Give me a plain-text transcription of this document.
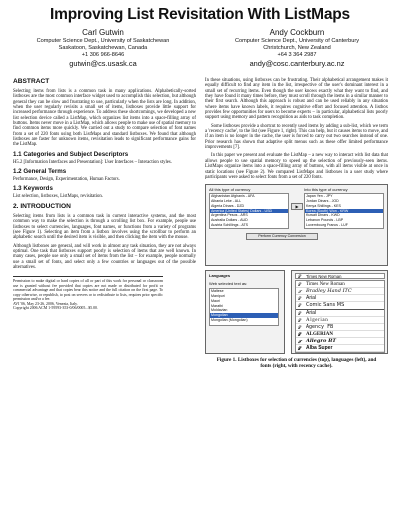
Improving List Revisitation With ListMaps
Carl Gutwin
Computer Science Dept., University of Saskatchewan
Saskatoon, Saskatchewan, Canada
+1 306 966-8646
gutwin@cs.usask.ca
Andy Cockburn
Computer Science Dept., University of Canterbury
Christchurch, New Zealand
+64 3 364 2987
andy@cosc.canterbury.ac.nz
ABSTRACT

Selecting items from lists is a common task in many applications. Alphabetically-sorted listboxes are the most common interface widget used to accomplish this selection, but although general they can be slow and frustrating to use, particularly when the lists are long. In addition, when the user regularly revisits a small set of items, listboxes provide little support for increased performance through experience. To address these shortcomings, we developed a new list selection device called a ListMap, which organizes list items into a space-filling array of buttons. Items never move in a ListMap, which allows people to make use of spatial memory to find common items more quickly. We carried out a study to compare selection of font names from a set of 220 fonts using both ListMaps and standard listboxes. We found that although listboxes are faster for unknown items, revisitation leads to significant performance gains for the ListMap.

1.1 Categories and Subject Descriptors

H5.2 [Information Interfaces and Presentation]: User Interfaces – Interaction styles.

1.2 General Terms

Performance, Design, Experimentation, Human Factors.

1.3 Keywords

List selection, listboxes, ListMaps, revisitation.

2. INTRODUCTION

Selecting items from lists is a common task in current interactive systems, and the most common way to make the selection is through a scrolling list box. For example, people use listboxes to select currencies, languages, font names, or functions from a variety of programs (see Figure 1). Selecting an item from a listbox involves using the scrollbar to perform an alphabetic search until the desired item is visible, and then clicking the item with the mouse.

Although listboxes are general, and will work in almost any task situation, they are not always optimal. One task that listboxes support poorly is selection of items that are well known. In many cases, people use only a small set of items from the list – for example, people normally use a small set of fonts, and select only a few countries or languages out of the possible alternatives.

Permission to make digital or hard copies of all or part of this work for personal or classroom use is granted without fee provided that copies are not made or distributed for profit or commercial advantage and that copies bear this notice and the full citation on the first page. To copy otherwise, or republish, to post on servers or to redistribute to lists, requires prior specific permission and/or a fee.
AVI '06, May 23-26, 2006, Venezia, Italy.
Copyright 2006 ACM 1-59593-353-0/06/0005...$5.00.

In these situations, using listboxes can be frustrating. Their alphabetical arrangement makes it equally difficult to find any item in the list, irrespective of the user's dominant interest in a small set of recurring items. Even though the user knows exactly what they want to find, and they have found it many times before, they must scroll through the items in a similar manner to their first search. Although this approach is robust and can be used reliably in any situation where items have known labels, it requires cognitive effort and focused attention. A listbox provides few opportunities for users to become experts – in particular, alphabetical lists poorly support using memory and pattern recognition as aids to task completion.

Some listboxes provide a shortcut to recently used items by adding a sub-list, which we term a 'recency cache', to the list (see Figure 1, right). This can help, but it causes items to move, and if an item is no longer in the cache, the user is forced to carry out two searches instead of one. Prior research has shown that adaptive split menus such as these offer limited performance improvements [7].

In this paper we present and evaluate the ListMap – a new way to interact with list data that allows people to use spatial memory to speed up the selection of previously-seen items. ListMaps organize items into a space-filling array of buttons, with all items visible at once in static locations (see Figure 2). We compared ListMaps and listboxes in a user study where participants were asked to select fonts from a set of 220 fonts.

All this type of currency	Into this type of currency
Afghanistan Afghanis - AFA
Albania Leke - ALL
Algeria Dinars - DZD
America (United States) Dollars - USD
Argentina Pesos - ARS
Australia Dollars - AUD
Austria Schillings - ATS
Japan Yen - JPY
Jordan Dinars - JOD
Kenya Shillings - KES
Korea (South) Won - KRW
Kuwait Dinars - KWD
Lebanon Pounds - LBP
Luxembourg Francs - LUF
▶
Perform Currency Conversion
Languages
Web selected text as:
Maltese
Manipuri
Maori
Marathi
Moldavian
Mongolian
Mongolian (Mongolian)
𝓣 Times New Roman
𝓣 Times New Roman
𝓣 Bradley Hand ITC
𝓣 Arial
𝓣 Comic Sans MS
𝓣 Arial
𝓣 Algerian
𝓣 Agency FB
𝓣 ALGERIAN
𝓣 Allegro BT
𝓣 Alba Super
Figure 1. Listboxes for selection of currencies (top), languages (left), and fonts (right, with recency cache).
